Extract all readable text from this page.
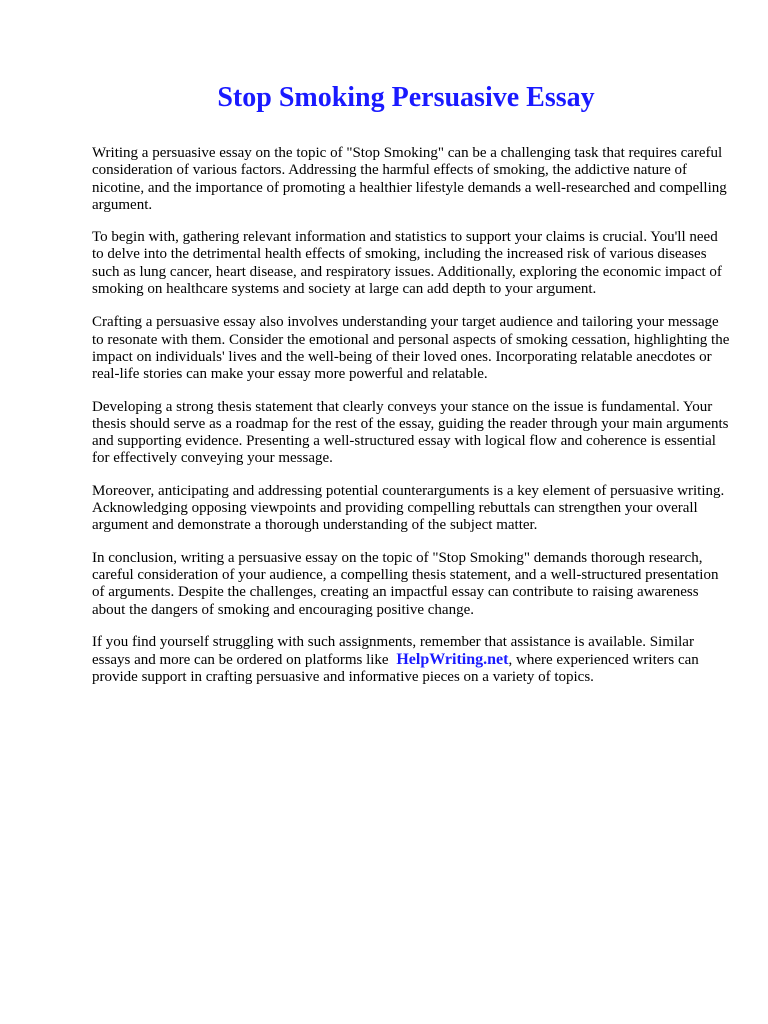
Stop Smoking Persuasive Essay

Writing a persuasive essay on the topic of "Stop Smoking" can be a challenging task that requires careful consideration of various factors. Addressing the harmful effects of smoking, the addictive nature of nicotine, and the importance of promoting a healthier lifestyle demands a well-researched and compelling argument.

To begin with, gathering relevant information and statistics to support your claims is crucial. You'll need to delve into the detrimental health effects of smoking, including the increased risk of various diseases such as lung cancer, heart disease, and respiratory issues. Additionally, exploring the economic impact of smoking on healthcare systems and society at large can add depth to your argument.

Crafting a persuasive essay also involves understanding your target audience and tailoring your message to resonate with them. Consider the emotional and personal aspects of smoking cessation, highlighting the impact on individuals' lives and the well-being of their loved ones. Incorporating relatable anecdotes or real-life stories can make your essay more powerful and relatable.

Developing a strong thesis statement that clearly conveys your stance on the issue is fundamental. Your thesis should serve as a roadmap for the rest of the essay, guiding the reader through your main arguments and supporting evidence. Presenting a well-structured essay with logical flow and coherence is essential for effectively conveying your message.

Moreover, anticipating and addressing potential counterarguments is a key element of persuasive writing. Acknowledging opposing viewpoints and providing compelling rebuttals can strengthen your overall argument and demonstrate a thorough understanding of the subject matter.

In conclusion, writing a persuasive essay on the topic of "Stop Smoking" demands thorough research, careful consideration of your audience, a compelling thesis statement, and a well-structured presentation of arguments. Despite the challenges, creating an impactful essay can contribute to raising awareness about the dangers of smoking and encouraging positive change.

If you find yourself struggling with such assignments, remember that assistance is available. Similar essays and more can be ordered on platforms like HelpWriting.net, where experienced writers can provide support in crafting persuasive and informative pieces on a variety of topics.
